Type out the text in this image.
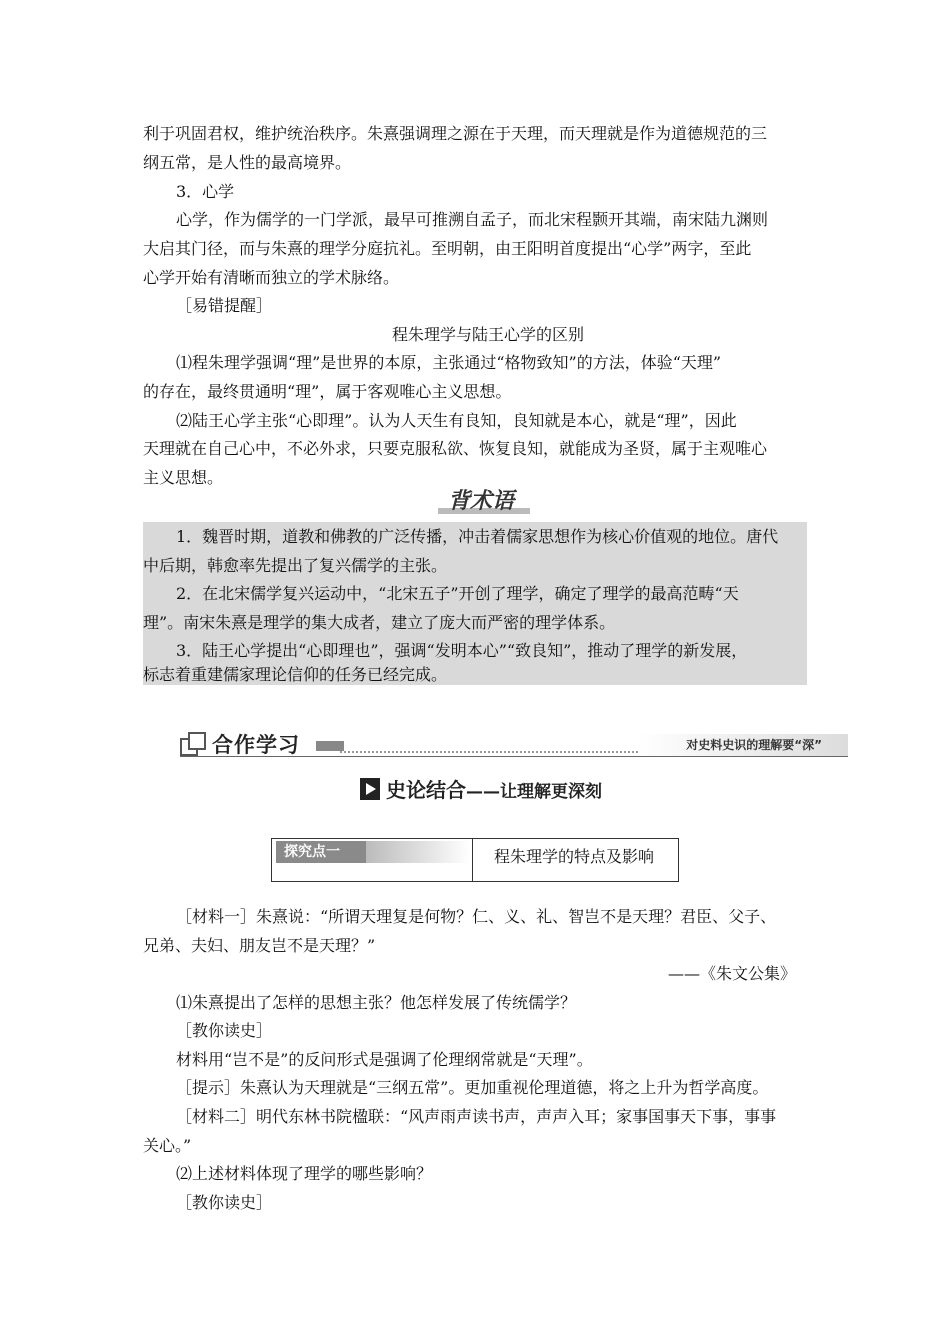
利于巩固君权，维护统治秩序。朱熹强调理之源在于天理，而天理就是作为道德规范的三
纲五常，是人性的最高境界。
3．心学
心学，作为儒学的一门学派，最早可推溯自孟子，而北宋程颢开其端，南宋陆九渊则
大启其门径，而与朱熹的理学分庭抗礼。至明朝，由王阳明首度提出“心学”两字，至此
心学开始有清晰而独立的学术脉络。
［易错提醒］
程朱理学与陆王心学的区别
⑴程朱理学强调“理”是世界的本原，主张通过“格物致知”的方法，体验“天理”
的存在，最终贯通明“理”，属于客观唯心主义思想。
⑵陆王心学主张“心即理”。认为人天生有良知，良知就是本心，就是“理”，因此
天理就在自己心中，不必外求，只要克服私欲、恢复良知，就能成为圣贤，属于主观唯心
主义思想。
背术语
1．魏晋时期，道教和佛教的广泛传播，冲击着儒家思想作为核心价值观的地位。唐代
中后期，韩愈率先提出了复兴儒学的主张。
2．在北宋儒学复兴运动中，“北宋五子”开创了理学，确定了理学的最高范畴“天
理”。南宋朱熹是理学的集大成者，建立了庞大而严密的理学体系。
3．陆王心学提出“心即理也”，强调“发明本心”“致良知”，推动了理学的新发展，
标志着重建儒家理论信仰的任务已经完成。
合作学习	对史料史识的理解要“深”
史论结合——让理解更深刻
探究点一	程朱理学的特点及影响
［材料一］朱熹说：“所谓天理复是何物？仁、义、礼、智岂不是天理？君臣、父子、
兄弟、夫妇、朋友岂不是天理？”
——《朱文公集》
⑴朱熹提出了怎样的思想主张？他怎样发展了传统儒学？
［教你读史］
材料用“岂不是”的反问形式是强调了伦理纲常就是“天理”。
［提示］朱熹认为天理就是“三纲五常”。更加重视伦理道德，将之上升为哲学高度。
［材料二］明代东林书院楹联：“风声雨声读书声，声声入耳；家事国事天下事，事事
关心。”
⑵上述材料体现了理学的哪些影响？
［教你读史］
